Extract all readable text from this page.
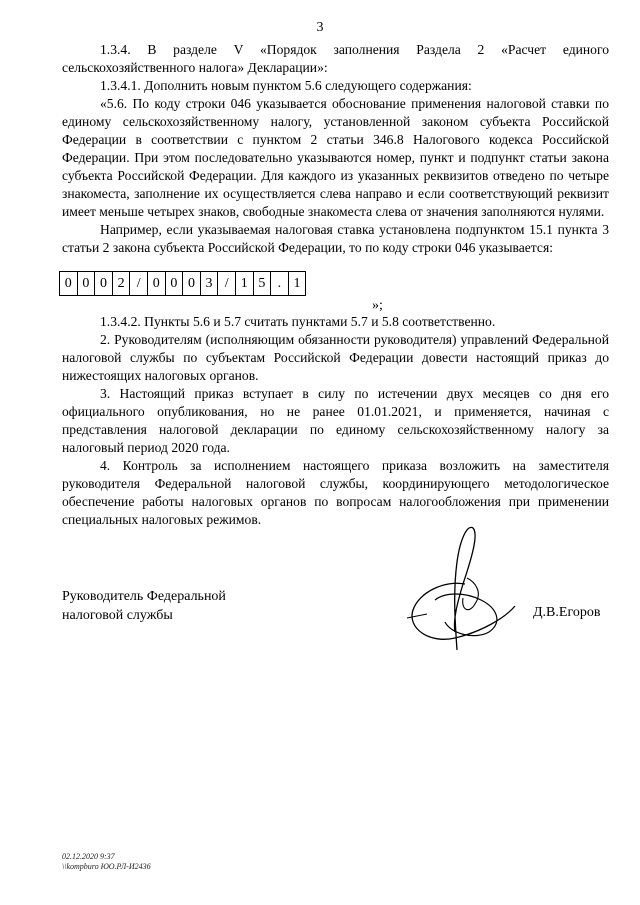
3

1.3.4. В разделе V «Порядок заполнения Раздела 2 «Расчет единого

сельскохозяйственного налога» Декларации»:

1.3.4.1. Дополнить новым пунктом 5.6 следующего содержания:

«5.6. По коду строки 046 указывается обоснование применения налоговой ставки по единому сельскохозяйственному налогу, установленной законом субъекта Российской Федерации в соответствии с пунктом 2 статьи 346.8 Налогового кодекса Российской Федерации. При этом последовательно указываются номер, пункт и подпункт статьи закона субъекта Российской Федерации. Для каждого из указанных реквизитов отведено по четыре знакоместа, заполнение их осуществляется слева направо и если соответствующий реквизит имеет меньше четырех знаков, свободные знакоместа слева от значения заполняются нулями.

Например, если указываемая налоговая ставка установлена подпунктом 15.1 пункта 3 статьи 2 закона субъекта Российской Федерации, то по коду строки 046 указывается:

0 0 0 2 / 0 0 0 3 / 1 5 . 1
»;

1.3.4.2. Пункты 5.6 и 5.7 считать пунктами 5.7 и 5.8 соответственно.

2. Руководителям (исполняющим обязанности руководителя) управлений Федеральной налоговой службы по субъектам Российской Федерации довести настоящий приказ до нижестоящих налоговых органов.

3. Настоящий приказ вступает в силу по истечении двух месяцев со дня его официального опубликования, но не ранее 01.01.2021, и применяется, начиная с представления налоговой декларации по единому сельскохозяйственному налогу за налоговый период 2020 года.

4. Контроль за исполнением настоящего приказа возложить на заместителя руководителя Федеральной налоговой службы, координирующего методологическое обеспечение работы налоговых органов по вопросам налогообложения при применении специальных налоговых режимов.

Руководитель Федеральной
налоговой службы	Д.В.Егоров
02.12.2020 9:37
\\kompburo ЮО.РЛ-И2436
